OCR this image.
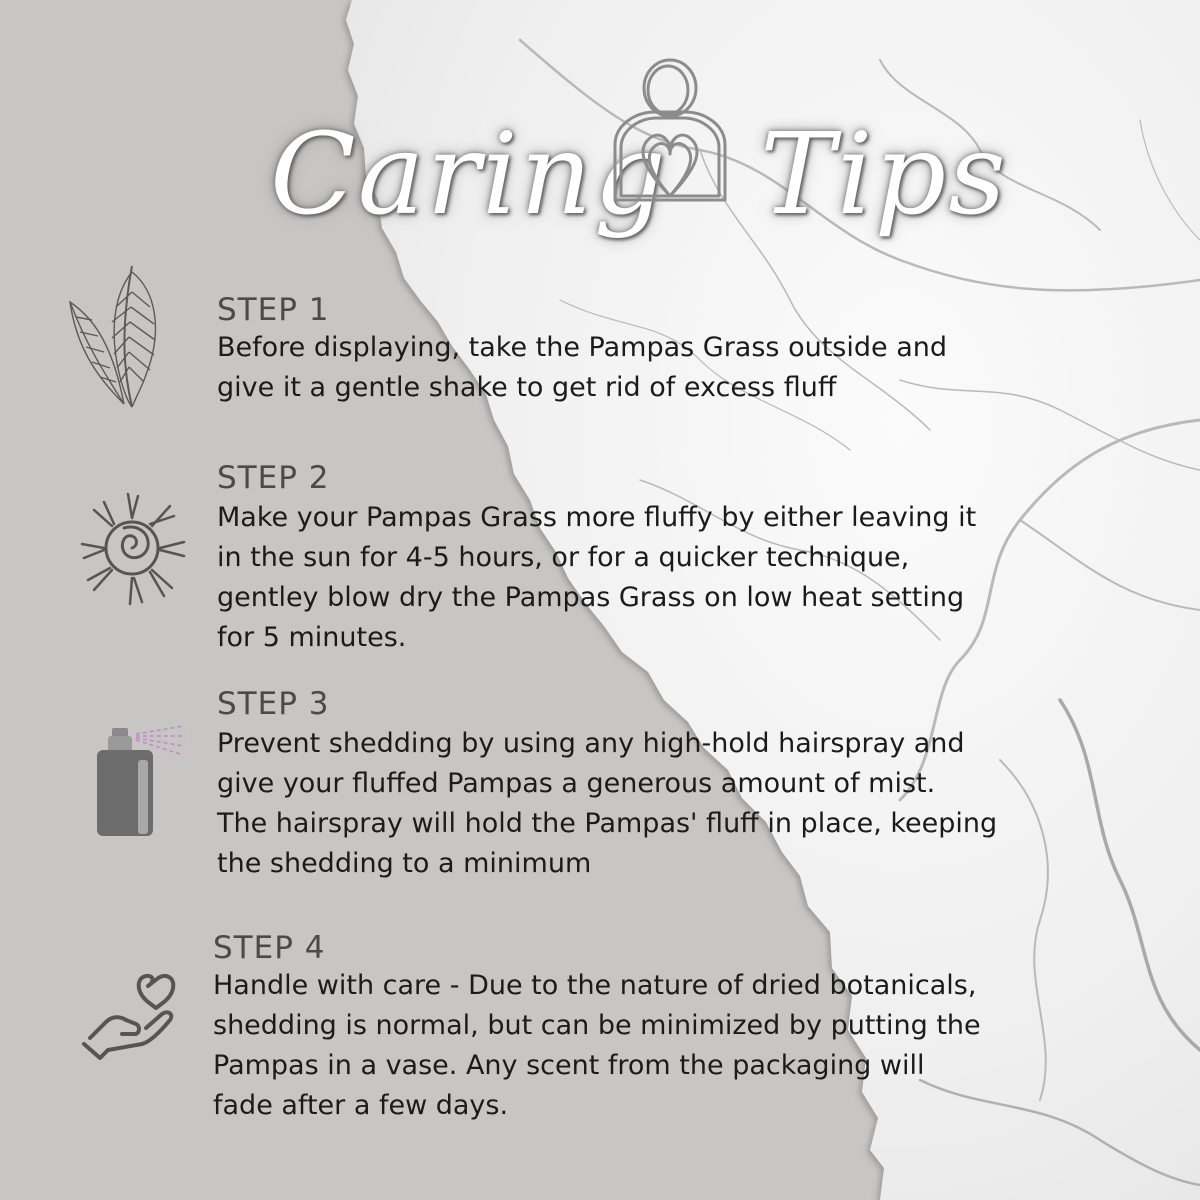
Caring Tips
STEP 1
Before displaying, take the Pampas Grass outside and
give it a gentle shake to get rid of excess fluff
STEP 2
Make your Pampas Grass more fluffy by either leaving it
in the sun for 4-5 hours, or for a quicker technique,
gentley blow dry the Pampas Grass on low heat setting
for 5 minutes.
STEP 3
Prevent shedding by using any high-hold hairspray and
give your fluffed Pampas a generous amount of mist.
The hairspray will hold the Pampas' fluff in place, keeping
the shedding to a minimum
STEP 4
Handle with care - Due to the nature of dried botanicals,
shedding is normal, but can be minimized by putting the
Pampas in a vase. Any scent from the packaging will
fade after a few days.
